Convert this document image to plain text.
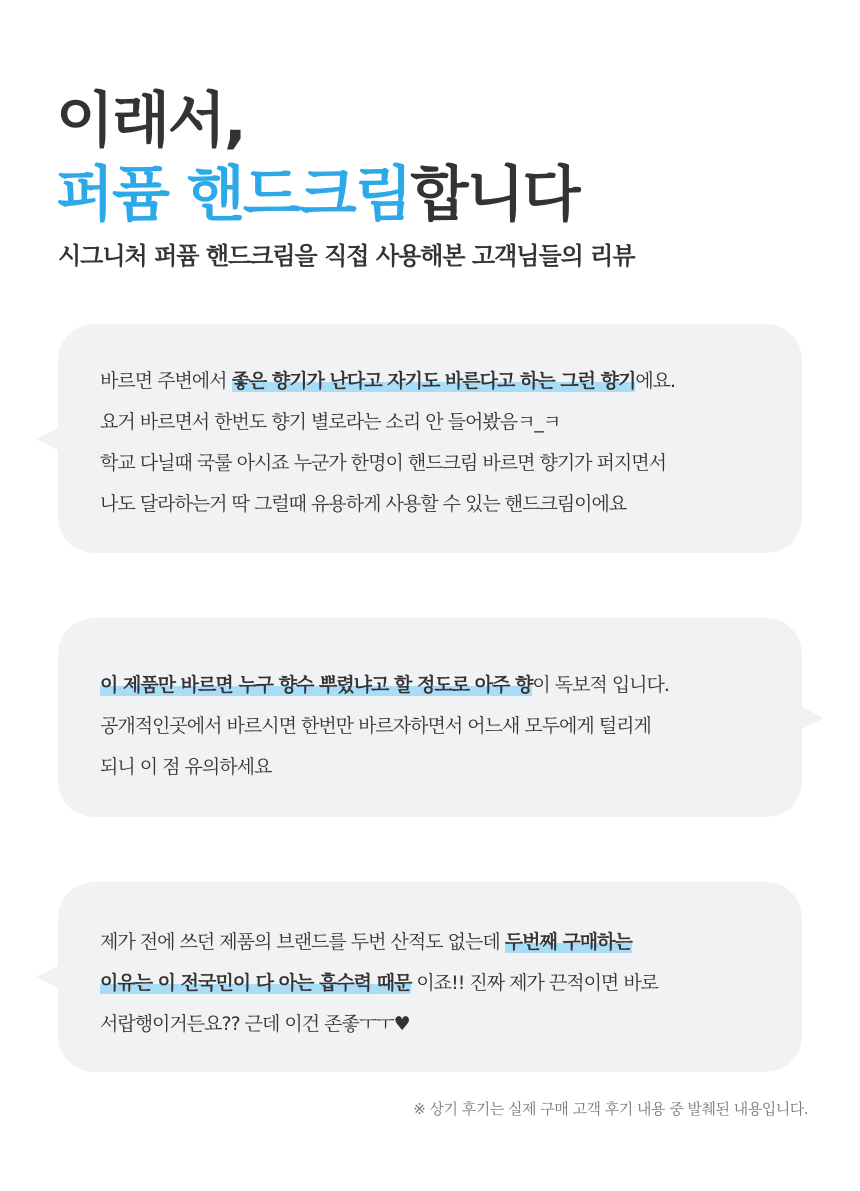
이래서,
퍼퓸 핸드크림합니다
시그니처 퍼퓸 핸드크림을 직접 사용해본 고객님들의 리뷰
바르면 주변에서 좋은 향기가 난다고 자기도 바른다고 하는 그런 향기에요.
요거 바르면서 한번도 향기 별로라는 소리 안 들어봤음ㅋ_ㅋ
학교 다닐때 국룰 아시죠 누군가 한명이 핸드크림 바르면 향기가 퍼지면서
나도 달라하는거 딱 그럴때 유용하게 사용할 수 있는 핸드크림이에요
이 제품만 바르면 누구 향수 뿌렸냐고 할 정도로 아주 향이 독보적 입니다.
공개적인곳에서 바르시면 한번만 바르자하면서 어느새 모두에게 털리게
되니 이 점 유의하세요
제가 전에 쓰던 제품의 브랜드를 두번 산적도 없는데 두번째 구매하는
이유는 이 전국민이 다 아는 흡수력 때문 이죠!! 진짜 제가 끈적이면 바로
서랍행이거든요?? 근데 이건 존좋ㅜㅜ♥
※ 상기 후기는 실제 구매 고객 후기 내용 중 발췌된 내용입니다.
